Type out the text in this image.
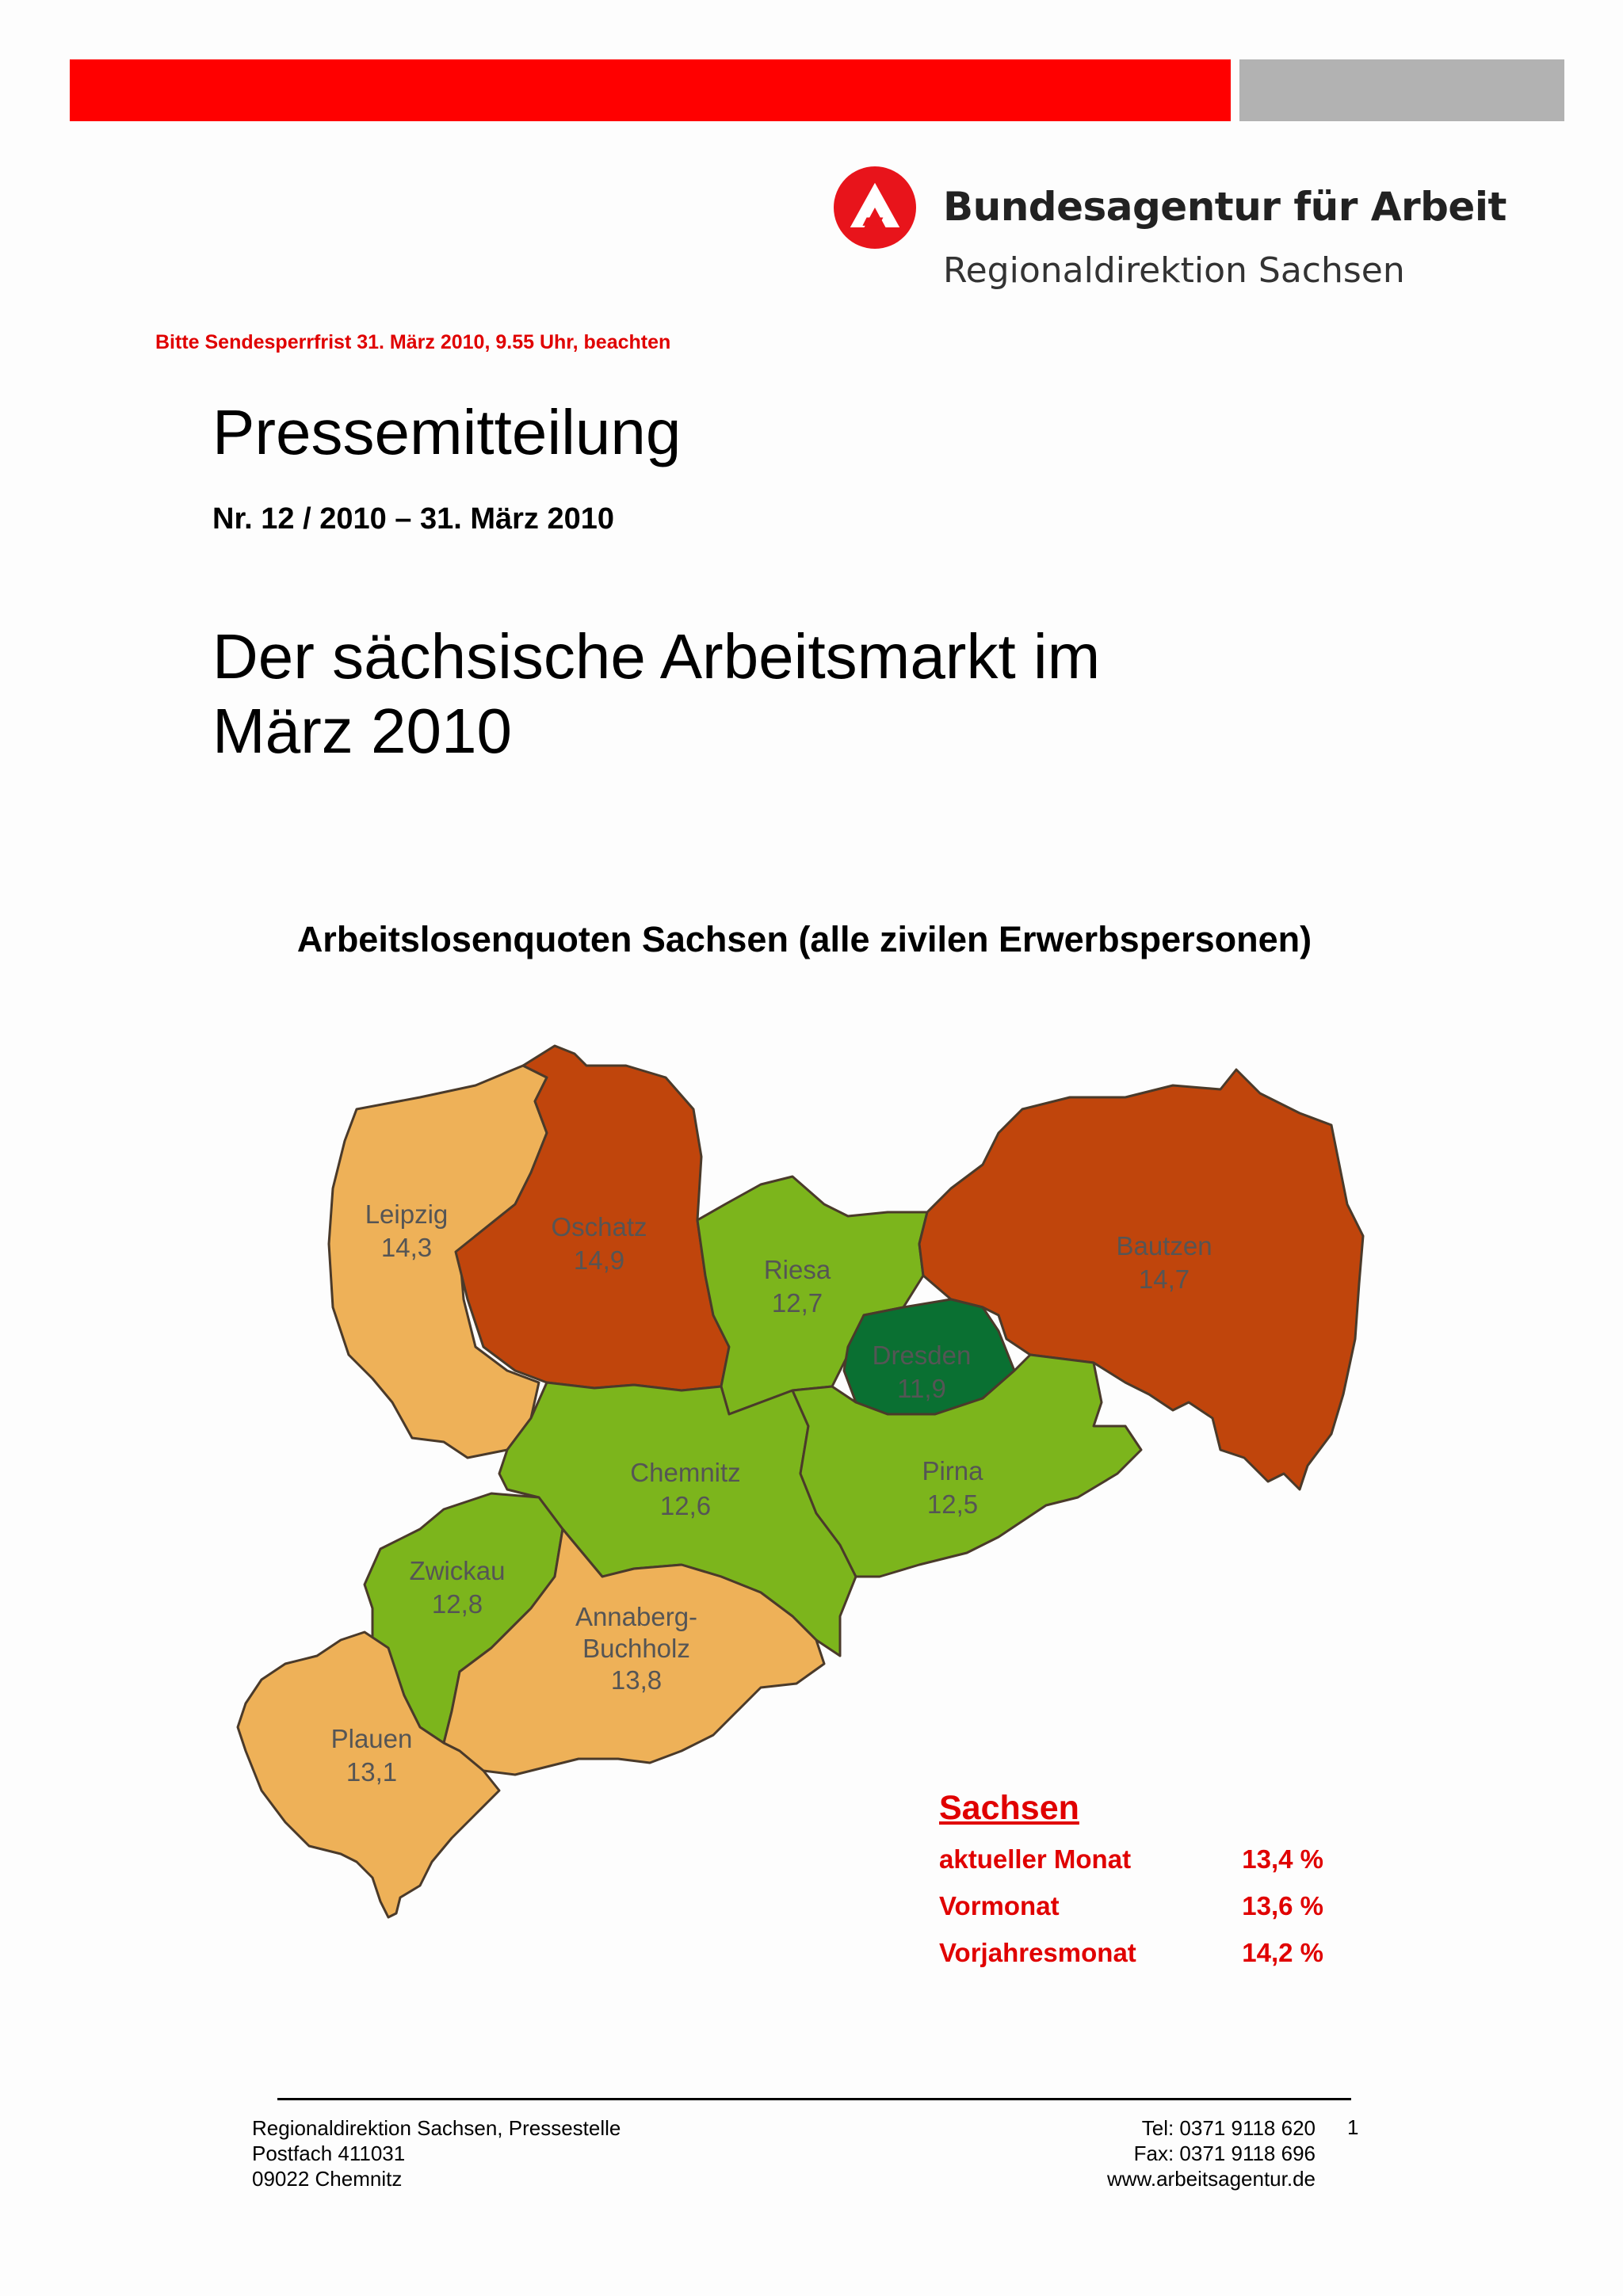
Bundesagentur für Arbeit
Regionaldirektion Sachsen
Bitte Sendesperrfrist 31. März 2010, 9.55 Uhr, beachten
Pressemitteilung
Nr. 12 / 2010 – 31. März 2010
Der sächsische Arbeitsmarkt im
März 2010
Arbeitslosenquoten Sachsen (alle zivilen Erwerbspersonen)
Leipzig
14,3
Oschatz
14,9	Riesa
12,7
Bautzen
14,7
Dresden
11,9
Chemnitz
12,6
Pirna
12,5
Zwickau
12,8	Annaberg-
Buchholz
13,8
Plauen
13,1
Sachsen
aktueller Monat	13,4 %
Vormonat	13,6 %
Vorjahresmonat	14,2 %
Regionaldirektion Sachsen, Pressestelle
Postfach 411031
09022 Chemnitz
Tel: 0371 9118 620
Fax: 0371 9118 696
www.arbeitsagentur.de
1
